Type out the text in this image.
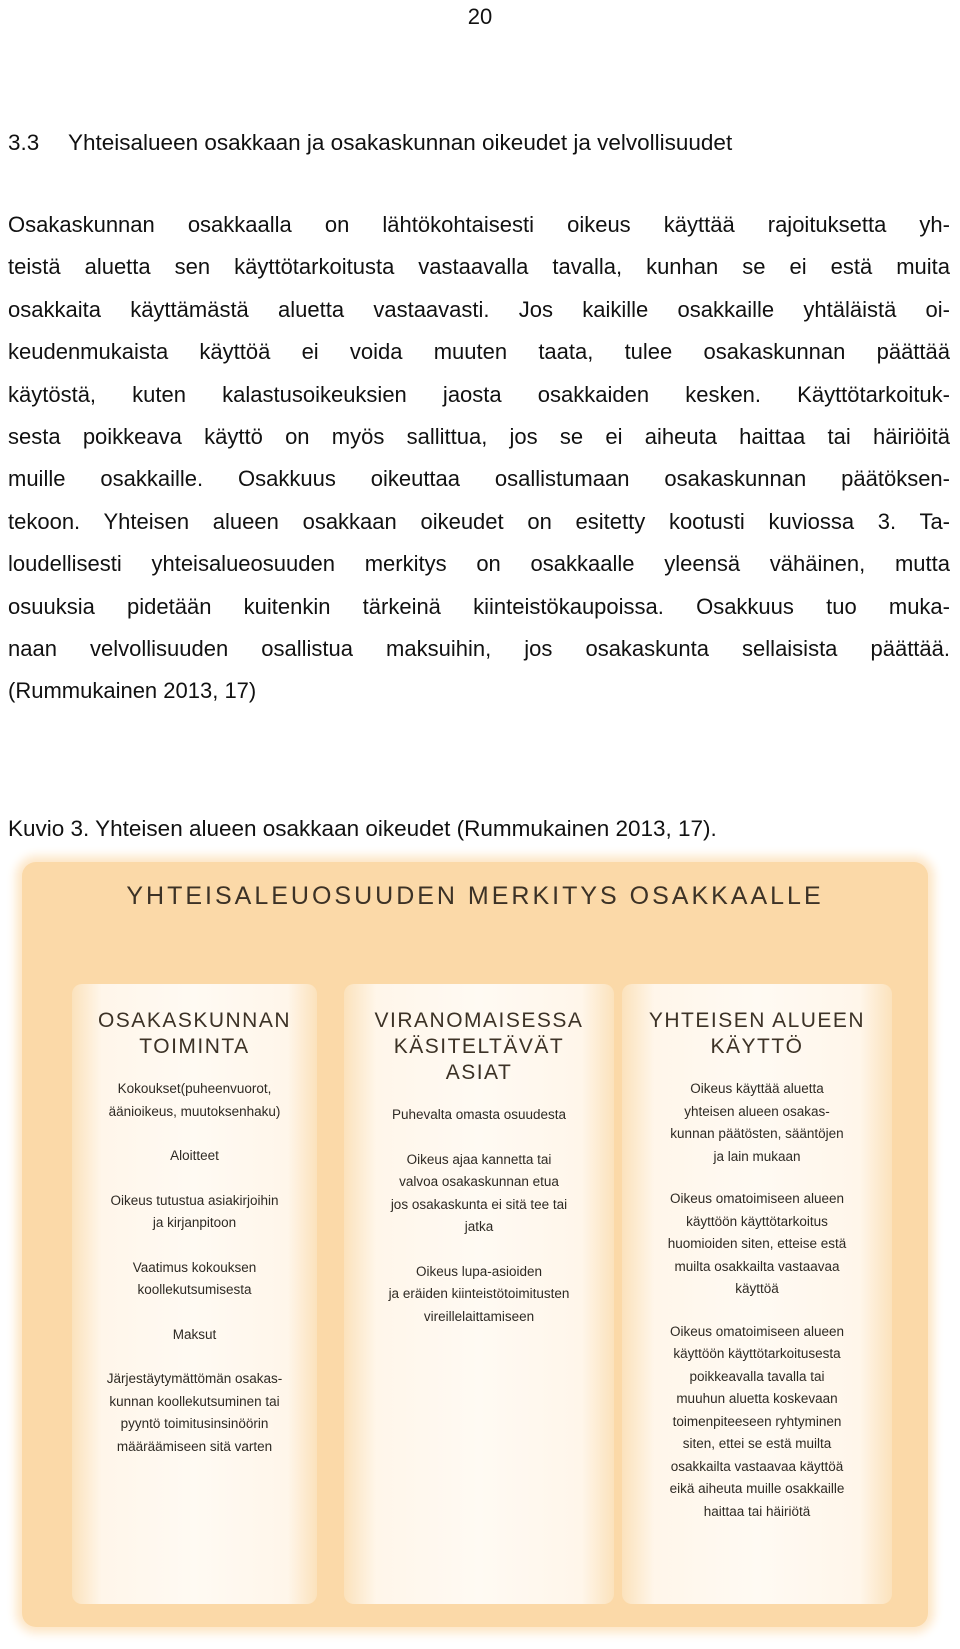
20
3.3 Yhteisalueen osakkaan ja osakaskunnan oikeudet ja velvollisuudet
Osakaskunnan osakkaalla on lähtökohtaisesti oikeus käyttää rajoituksetta yh-
teistä aluetta sen käyttötarkoitusta vastaavalla tavalla, kunhan se ei estä muita
osakkaita käyttämästä aluetta vastaavasti. Jos kaikille osakkaille yhtäläistä oi-
keudenmukaista käyttöä ei voida muuten taata, tulee osakaskunnan päättää
käytöstä, kuten kalastusoikeuksien jaosta osakkaiden kesken. Käyttötarkoituk-
sesta poikkeava käyttö on myös sallittua, jos se ei aiheuta haittaa tai häiriöitä
muille osakkaille. Osakkuus oikeuttaa osallistumaan osakaskunnan päätöksen-
tekoon. Yhteisen alueen osakkaan oikeudet on esitetty kootusti kuviossa 3. Ta-
loudellisesti yhteisalueosuuden merkitys on osakkaalle yleensä vähäinen, mutta
osuuksia pidetään kuitenkin tärkeinä kiinteistökaupoissa. Osakkuus tuo muka-
naan velvollisuuden osallistua maksuihin, jos osakaskunta sellaisista päättää.
(Rummukainen 2013, 17)
Kuvio 3. Yhteisen alueen osakkaan oikeudet (Rummukainen 2013, 17).
YHTEISALEUOSUUDEN MERKITYS OSAKKAALLE
OSAKASKUNNAN
TOIMINTA
Kokoukset(puheenvuorot,
äänioikeus, muutoksenhaku)
Aloitteet
Oikeus tutustua asiakirjoihin
ja kirjanpitoon
Vaatimus kokouksen
koollekutsumisesta
Maksut
Järjestäytymättömän osakas-
kunnan koollekutsuminen tai
pyyntö toimitusinsinöörin
määräämiseen sitä varten
VIRANOMAISESSA
KÄSITELTÄVÄT
ASIAT
Puhevalta omasta osuudesta
Oikeus ajaa kannetta tai
valvoa osakaskunnan etua
jos osakaskunta ei sitä tee tai
jatka
Oikeus lupa-asioiden
ja eräiden kiinteistötoimitusten
vireillelaittamiseen
YHTEISEN ALUEEN
KÄYTTÖ
Oikeus käyttää aluetta
yhteisen alueen osakas-
kunnan päätösten, sääntöjen
ja lain mukaan
Oikeus omatoimiseen alueen
käyttöön käyttötarkoitus
huomioiden siten, etteise estä
muilta osakkailta vastaavaa
käyttöä
Oikeus omatoimiseen alueen
käyttöön käyttötarkoitusesta
poikkeavalla tavalla tai
muuhun aluetta koskevaan
toimenpiteeseen ryhtyminen
siten, ettei se estä muilta
osakkailta vastaavaa käyttöä
eikä aiheuta muille osakkaille
haittaa tai häiriötä
